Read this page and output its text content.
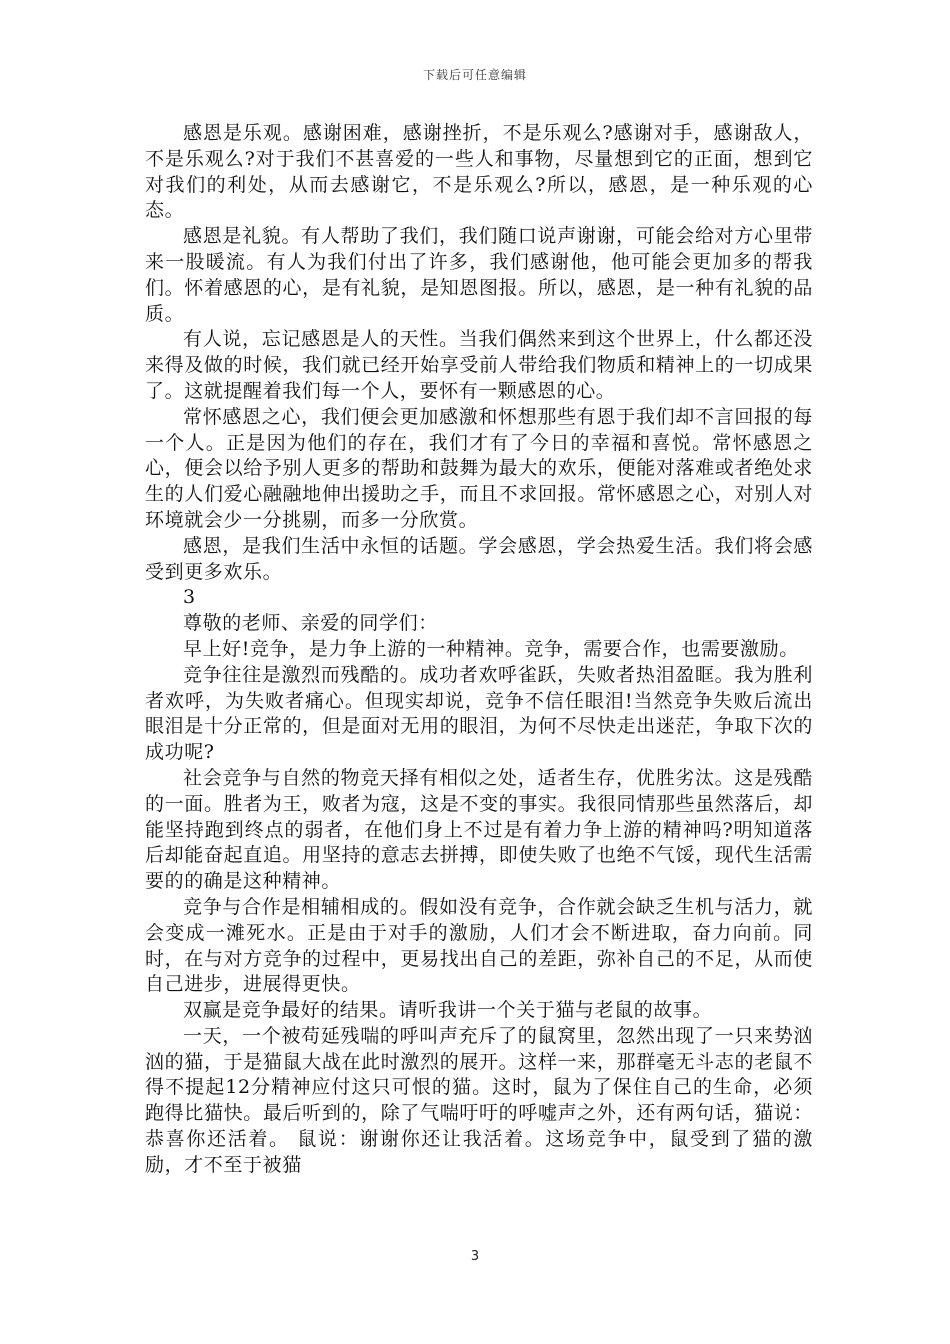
下载后可任意编辑

感恩是乐观。感谢困难，感谢挫折，不是乐观么?感谢对手，感谢敌人，不是乐观么?对于我们不甚喜爱的一些人和事物，尽量想到它的正面，想到它对我们的利处，从而去感谢它，不是乐观么?所以，感恩，是一种乐观的心态。

感恩是礼貌。有人帮助了我们，我们随口说声谢谢，可能会给对方心里带来一股暖流。有人为我们付出了许多，我们感谢他，他可能会更加多的帮我们。怀着感恩的心，是有礼貌，是知恩图报。所以，感恩，是一种有礼貌的品质。

有人说，忘记感恩是人的天性。当我们偶然来到这个世界上，什么都还没来得及做的时候，我们就已经开始享受前人带给我们物质和精神上的一切成果了。这就提醒着我们每一个人，要怀有一颗感恩的心。

常怀感恩之心，我们便会更加感激和怀想那些有恩于我们却不言回报的每一个人。正是因为他们的存在，我们才有了今日的幸福和喜悦。常怀感恩之心，便会以给予别人更多的帮助和鼓舞为最大的欢乐，便能对落难或者绝处求生的人们爱心融融地伸出援助之手，而且不求回报。常怀感恩之心，对别人对环境就会少一分挑剔，而多一分欣赏。

感恩，是我们生活中永恒的话题。学会感恩，学会热爱生活。我们将会感受到更多欢乐。

3

尊敬的老师、亲爱的同学们：

早上好!竞争，是力争上游的一种精神。竞争，需要合作，也需要激励。

竞争往往是激烈而残酷的。成功者欢呼雀跃，失败者热泪盈眶。我为胜利者欢呼，为失败者痛心。但现实却说，竞争不信任眼泪!当然竞争失败后流出眼泪是十分正常的，但是面对无用的眼泪，为何不尽快走出迷茫，争取下次的成功呢?

社会竞争与自然的物竞天择有相似之处，适者生存，优胜劣汰。这是残酷的一面。胜者为王，败者为寇，这是不变的事实。我很同情那些虽然落后，却能坚持跑到终点的弱者，在他们身上不过是有着力争上游的精神吗?明知道落后却能奋起直追。用坚持的意志去拼搏，即使失败了也绝不气馁，现代生活需要的的确是这种精神。

竞争与合作是相辅相成的。假如没有竞争，合作就会缺乏生机与活力，就会变成一滩死水。正是由于对手的激励，人们才会不断进取，奋力向前。同时，在与对方竞争的过程中，更易找出自己的差距，弥补自己的不足，从而使自己进步，进展得更快。

双赢是竞争最好的结果。请听我讲一个关于猫与老鼠的故事。

一天，一个被苟延残喘的呼叫声充斥了的鼠窝里，忽然出现了一只来势汹汹的猫，于是猫鼠大战在此时激烈的展开。这样一来，那群毫无斗志的老鼠不得不提起12分精神应付这只可恨的猫。这时，鼠为了保住自己的生命，必须跑得比猫快。最后听到的，除了气喘吁吁的呼嘘声之外，还有两句话，猫说：恭喜你还活着。 鼠说：谢谢你还让我活着。这场竞争中，鼠受到了猫的激励，才不至于被猫

3
